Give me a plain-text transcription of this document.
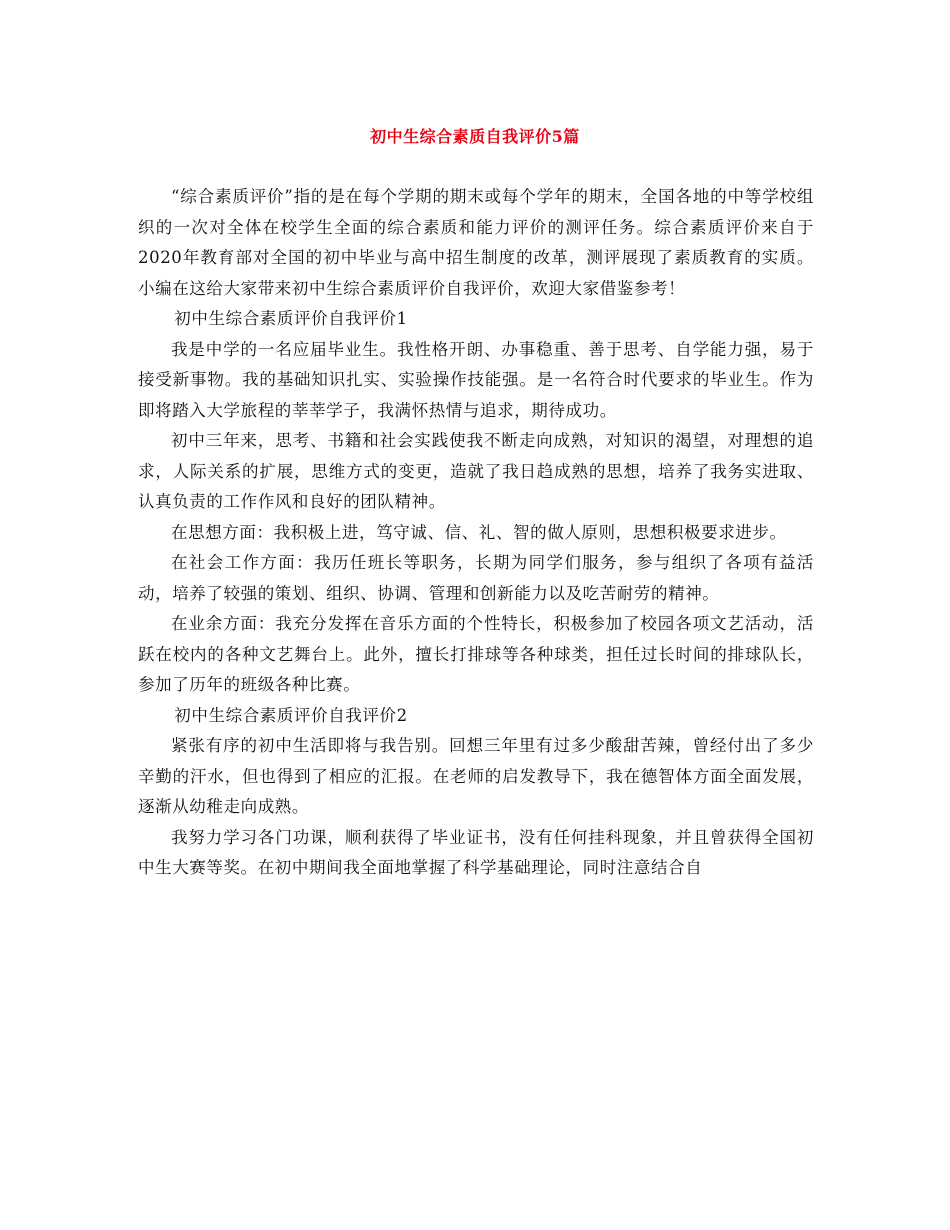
初中生综合素质自我评价5篇

“综合素质评价”指的是在每个学期的期末或每个学年的期末，全国各地的中等学校组织的一次对全体在校学生全面的综合素质和能力评价的测评任务。综合素质评价来自于2020年教育部对全国的初中毕业与高中招生制度的改革，测评展现了素质教育的实质。小编在这给大家带来初中生综合素质评价自我评价，欢迎大家借鉴参考！

初中生综合素质评价自我评价1

我是中学的一名应届毕业生。我性格开朗、办事稳重、善于思考、自学能力强，易于接受新事物。我的基础知识扎实、实验操作技能强。是一名符合时代要求的毕业生。作为即将踏入大学旅程的莘莘学子，我满怀热情与追求，期待成功。

初中三年来，思考、书籍和社会实践使我不断走向成熟，对知识的渴望，对理想的追求，人际关系的扩展，思维方式的变更，造就了我日趋成熟的思想，培养了我务实进取、认真负责的工作作风和良好的团队精神。

在思想方面：我积极上进，笃守诚、信、礼、智的做人原则，思想积极要求进步。

在社会工作方面：我历任班长等职务，长期为同学们服务，参与组织了各项有益活动，培养了较强的策划、组织、协调、管理和创新能力以及吃苦耐劳的精神。

在业余方面：我充分发挥在音乐方面的个性特长，积极参加了校园各项文艺活动，活跃在校内的各种文艺舞台上。此外，擅长打排球等各种球类，担任过长时间的排球队长，参加了历年的班级各种比赛。

初中生综合素质评价自我评价2

紧张有序的初中生活即将与我告别。回想三年里有过多少酸甜苦辣，曾经付出了多少辛勤的汗水，但也得到了相应的汇报。在老师的启发教导下，我在德智体方面全面发展，逐渐从幼稚走向成熟。

我努力学习各门功课，顺利获得了毕业证书，没有任何挂科现象，并且曾获得全国初中生大赛等奖。在初中期间我全面地掌握了科学基础理论，同时注意结合自
